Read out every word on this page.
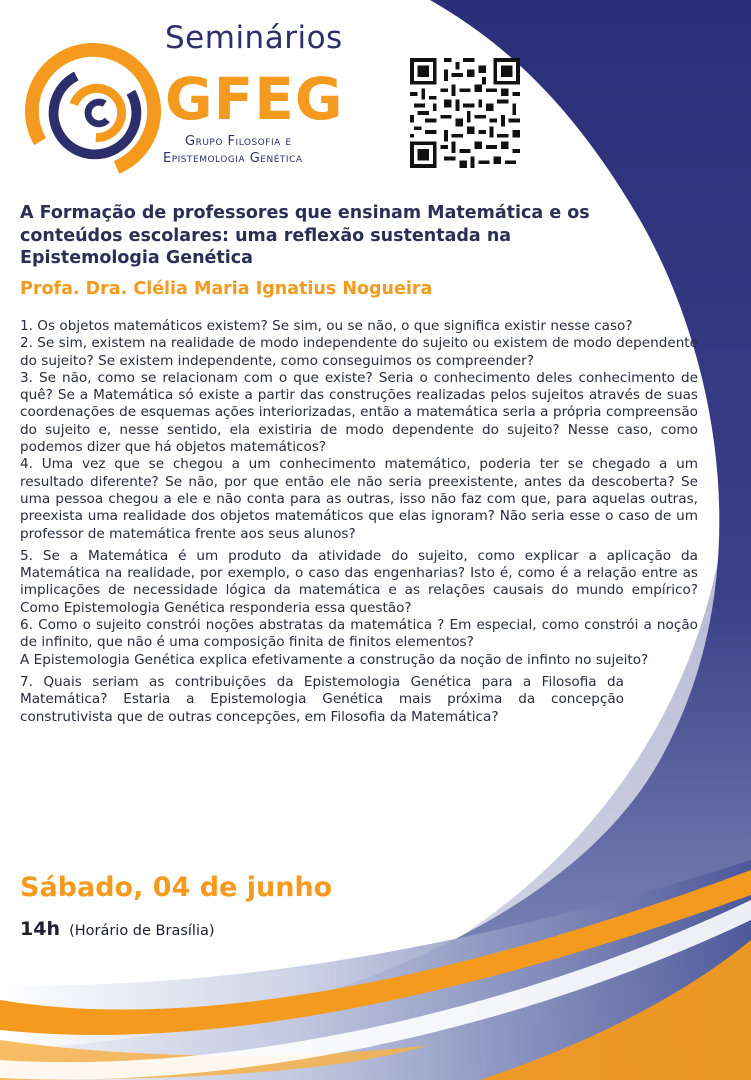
Seminários
GFEG
Grupo Filosofia e
Epistemologia Genética
A Formação de professores que ensinam Matemática e os conteúdos escolares: uma reflexão sustentada na Epistemologia Genética
Profa. Dra. Clélia Maria Ignatius Nogueira

1. Os objetos matemáticos existem? Se sim, ou se não, o que significa existir nesse caso?

2. Se sim, existem na realidade de modo independente do sujeito ou existem de modo dependente do sujeito? Se existem independente, como conseguimos os compreender?

3. Se não, como se relacionam com o que existe? Seria o conhecimento deles conhecimento de quê? Se a Matemática só existe a partir das construções realizadas pelos sujeitos através de suas coordenações de esquemas ações interiorizadas, então a matemática seria a própria compreensão do sujeito e, nesse sentido, ela existiria de modo dependente do sujeito? Nesse caso, como podemos dizer que há objetos matemáticos?

4. Uma vez que se chegou a um conhecimento matemático, poderia ter se chegado a um resultado diferente? Se não, por que então ele não seria preexistente, antes da descoberta? Se uma pessoa chegou a ele e não conta para as outras, isso não faz com que, para aquelas outras, preexista uma realidade dos objetos matemáticos que elas ignoram? Não seria esse o caso de um professor de matemática frente aos seus alunos?

5. Se a Matemática é um produto da atividade do sujeito, como explicar a aplicação da Matemática na realidade, por exemplo, o caso das engenharias? Isto é, como é a relação entre as implicações de necessidade lógica da matemática e as relações causais do mundo empírico? Como Epistemologia Genética responderia essa questão?

6. Como o sujeito constrói noções abstratas da matemática ? Em especial, como constrói a noção de infinito, que não é uma composição finita de finitos elementos?

A Epistemologia Genética explica efetivamente a construção da noção de infinto no sujeito?

7. Quais seriam as contribuições da Epistemologia Genética para a Filosofia da Matemática? Estaria a Epistemologia Genética mais próxima da concepção construtivista que de outras concepções, em Filosofia da Matemática?

Sábado, 04 de junho
14h (Horário de Brasília)
